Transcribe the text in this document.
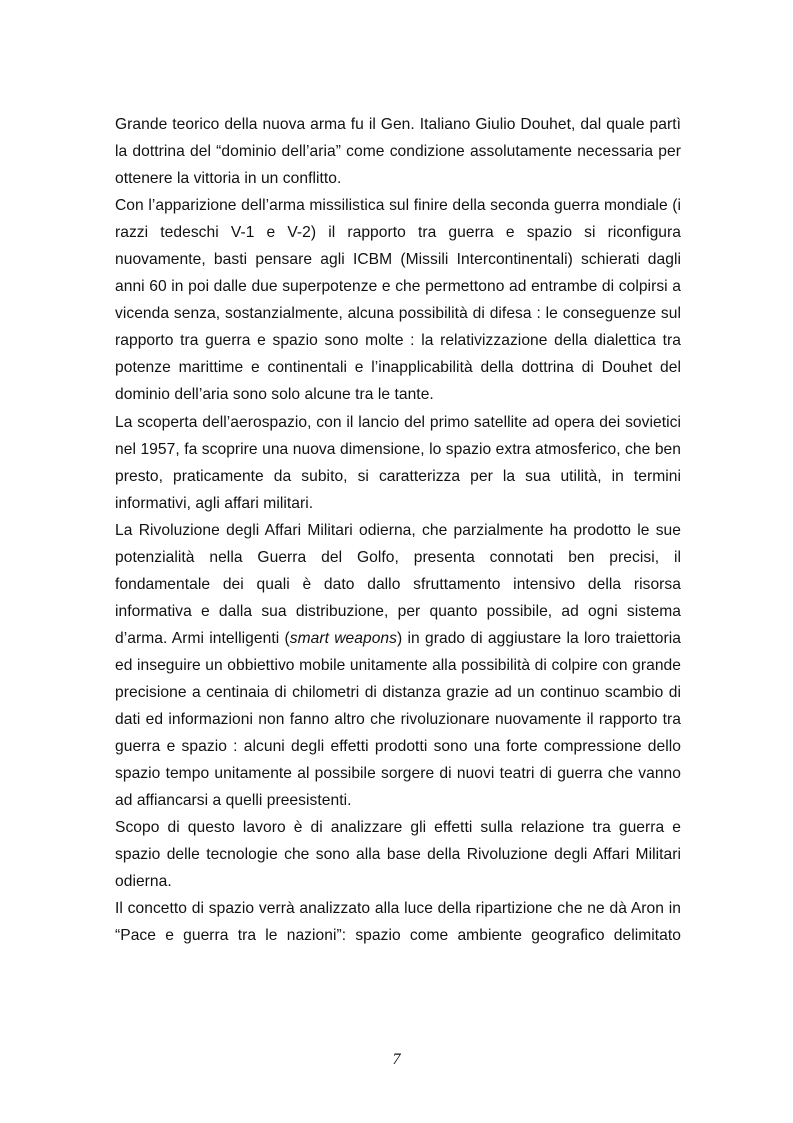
Grande teorico della nuova arma fu il Gen. Italiano Giulio Douhet, dal quale partì la dottrina del “dominio dell’aria” come condizione assolutamente necessaria per ottenere la vittoria in un conflitto.

Con l’apparizione dell’arma missilistica sul finire della seconda guerra mondiale (i razzi tedeschi V-1 e V-2) il rapporto tra guerra e spazio si riconfigura nuovamente, basti pensare agli ICBM (Missili Intercontinentali) schierati dagli anni 60 in poi dalle due superpotenze e che permettono ad entrambe di colpirsi a vicenda senza, sostanzialmente, alcuna possibilità di difesa : le conseguenze sul rapporto tra guerra e spazio sono molte : la relativizzazione della dialettica tra potenze marittime e continentali e l’inapplicabilità della dottrina di Douhet del dominio dell’aria sono solo alcune tra le tante.

La scoperta dell’aerospazio, con il lancio del primo satellite ad opera dei sovietici nel 1957, fa scoprire una nuova dimensione, lo spazio extra atmosferico, che ben presto, praticamente da subito, si caratterizza per la sua utilità, in termini informativi, agli affari militari.

La Rivoluzione degli Affari Militari odierna, che parzialmente ha prodotto le sue potenzialità nella Guerra del Golfo, presenta connotati ben precisi, il fondamentale dei quali è dato dallo sfruttamento intensivo della risorsa informativa e dalla sua distribuzione, per quanto possibile, ad ogni sistema d’arma. Armi intelligenti (smart weapons) in grado di aggiustare la loro traiettoria ed inseguire un obbiettivo mobile unitamente alla possibilità di colpire con grande precisione a centinaia di chilometri di distanza grazie ad un continuo scambio di dati ed informazioni non fanno altro che rivoluzionare nuovamente il rapporto tra guerra e spazio : alcuni degli effetti prodotti sono una forte compressione dello spazio tempo unitamente al possibile sorgere di nuovi teatri di guerra che vanno ad affiancarsi a quelli preesistenti.

Scopo di questo lavoro è di analizzare gli effetti sulla relazione tra guerra e spazio delle tecnologie che sono alla base della Rivoluzione degli Affari Militari odierna.

Il concetto di spazio verrà analizzato alla luce della ripartizione che ne dà Aron in “Pace e guerra tra le nazioni”: spazio come ambiente geografico delimitato

7
